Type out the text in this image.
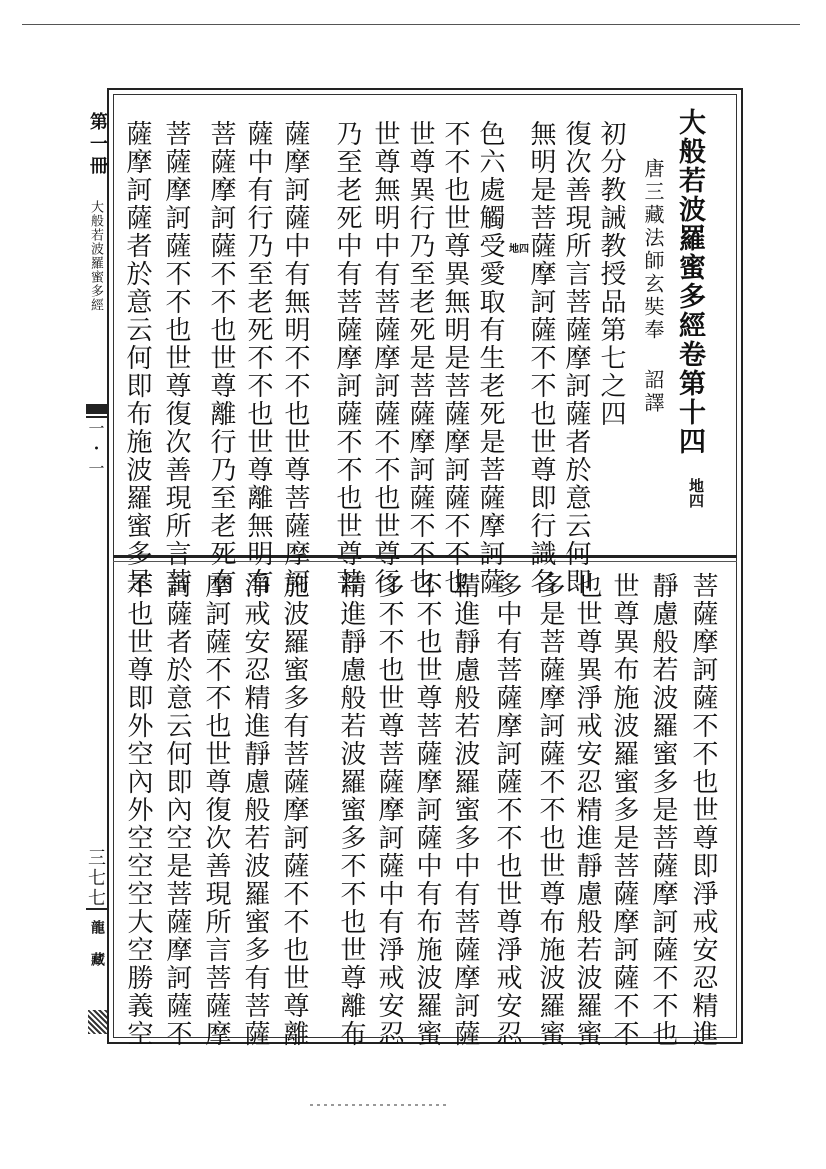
第一冊
大般若波羅蜜多經
一・一
三七七
龍藏
大般若波羅蜜多經卷第十四
地四
唐三藏法師玄奘奉 詔譯
初分教誡教授品第七之四
復次善現所言菩薩摩訶薩者於意云何即
無明是菩薩摩訶薩不不也世尊即行識名
地四
色六處觸受愛取有生老死是菩薩摩訶薩
不不也世尊異無明是菩薩摩訶薩不不也
世尊異行乃至老死是菩薩摩訶薩不不也
世尊無明中有菩薩摩訶薩不不也世尊行
乃至老死中有菩薩摩訶薩不不也世尊菩
薩摩訶薩中有無明不不也世尊菩薩摩訶
薩中有行乃至老死不不也世尊離無明有
菩薩摩訶薩不不也世尊離行乃至老死有
菩薩摩訶薩不不也世尊復次善現所言菩
薩摩訶薩者於意云何即布施波羅蜜多是
菩薩摩訶薩不不也世尊即淨戒安忍精進
靜慮般若波羅蜜多是菩薩摩訶薩不不也
世尊異布施波羅蜜多是菩薩摩訶薩不不
也世尊異淨戒安忍精進靜慮般若波羅蜜
多是菩薩摩訶薩不不也世尊布施波羅蜜
多中有菩薩摩訶薩不不也世尊淨戒安忍
精進靜慮般若波羅蜜多中有菩薩摩訶薩
不不也世尊菩薩摩訶薩中有布施波羅蜜
多不不也世尊菩薩摩訶薩中有淨戒安忍
精進靜慮般若波羅蜜多不不也世尊離布
施波羅蜜多有菩薩摩訶薩不不也世尊離
淨戒安忍精進靜慮般若波羅蜜多有菩薩
摩訶薩不不也世尊復次善現所言菩薩摩
訶薩者於意云何即內空是菩薩摩訶薩不
不也世尊即外空內外空空空大空勝義空
